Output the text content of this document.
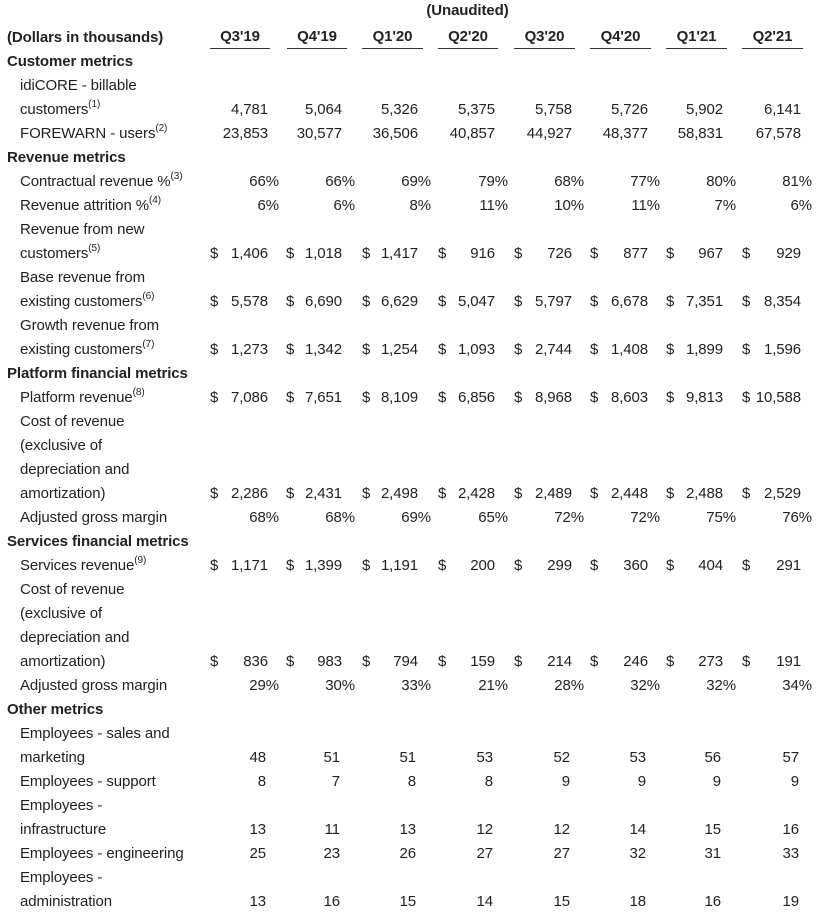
(Unaudited)
(Dollars in thousands)	Q3'19	Q4'19	Q1'20	Q2'20	Q3'20	Q4'20	Q1'21	Q2'21
Customer metrics
idiCORE - billable
customers$^{(1)}$	4,781	5,064	5,326	5,375	5,758	5,726	5,902	6,141
FOREWARN - users$^{(2)}$	23,853	30,577	36,506	40,857	44,927	48,377	58,831	67,578
Revenue metrics
Contractual revenue %$^{(3)}$	66%	66%	69%	79%	68%	77%	80%	81%
Revenue attrition %$^{(4)}$	6%	6%	8%	11%	10%	11%	7%	6%
Revenue from new
customers$^{(5)}$	$ 1,406 $ 1,018 $ 1,417 $	916 $	726 $	877 $	967 $	929
Base revenue from
existing customers$^{(6)}$	$ 5,578 $ 6,690 $ 6,629 $ 5,047 $ 5,797 $ 6,678 $ 7,351 $ 8,354
Growth revenue from
existing customers$^{(7)}$	$ 1,273 $ 1,342 $ 1,254 $ 1,093 $ 2,744 $ 1,408 $ 1,899 $ 1,596
Platform financial metrics
Platform revenue$^{(8)}$	$ 7,086 $ 7,651 $ 8,109 $ 6,856 $ 8,968 $ 8,603 $ 9,813 $ 10,588
Cost of revenue
(exclusive of
depreciation and
amortization)	$ 2,286 $ 2,431 $ 2,498 $ 2,428 $ 2,489 $ 2,448 $ 2,488 $ 2,529
Adjusted gross margin	68%	68%	69%	65%	72%	72%	75%	76%
Services financial metrics
Services revenue$^{(9)}$	$ 1,171 $ 1,399 $ 1,191 $	200 $	299 $	360 $	404 $	291
Cost of revenue
(exclusive of
depreciation and
amortization)	$	836 $	983 $	794 $	159 $	214 $	246 $	273 $	191
Adjusted gross margin	29%	30%	33%	21%	28%	32%	32%	34%
Other metrics
Employees - sales and
marketing	48	51	51	53	52	53	56	57
Employees - support	8	7	8	8	9	9	9	9
Employees -
infrastructure	13	11	13	12	12	14	15	16
Employees - engineering	25	23	26	27	27	32	31	33
Employees -
administration	13	16	15	14	15	18	16	19
